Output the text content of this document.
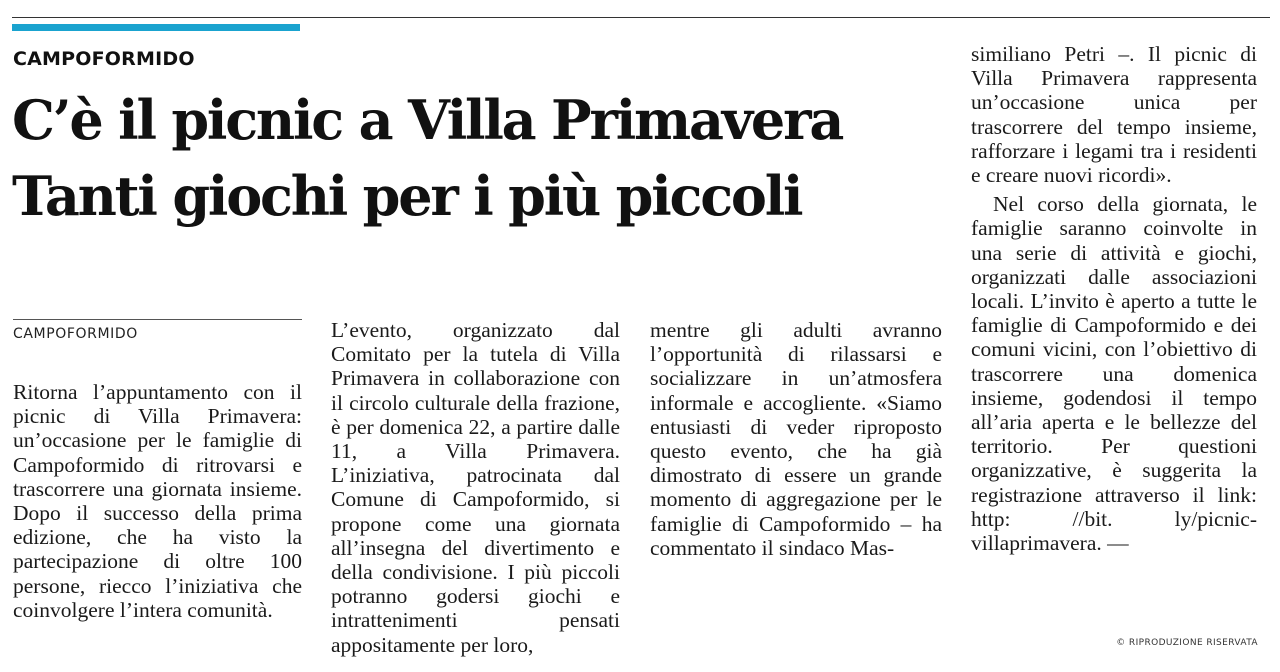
CAMPOFORMIDO
C’è il picnic a Villa Primavera
Tanti giochi per i più piccoli
CAMPOFORMIDO

Ritorna l’appuntamento con il picnic di Villa Primavera: un’occasione per le famiglie di Campoformido di ritrovarsi e trascorrere una giornata insieme. Dopo il successo della prima edizione, che ha visto la partecipazione di oltre 100 persone, riecco l’iniziativa che coinvolgere l’intera comunità.

L’evento, organizzato dal Comitato per la tutela di Villa Primavera in collaborazione con il circolo culturale della frazione, è per domenica 22, a partire dalle 11, a Villa Primavera. L’iniziativa, patrocinata dal Comune di Campoformido, si propone come una giornata all’insegna del divertimento e della condivisione. I più piccoli potranno godersi giochi e intrattenimenti pensati appositamente per loro,

mentre gli adulti avranno l’opportunità di rilassarsi e socializzare in un’atmosfera informale e accogliente. «Siamo entusiasti di veder riproposto questo evento, che ha già dimostrato di essere un grande momento di aggregazione per le famiglie di Campoformido – ha commentato il sindaco Mas-

similiano Petri –. Il picnic di Villa Primavera rappresenta un’occasione unica per trascorrere del tempo insieme, rafforzare i legami tra i residenti e creare nuovi ricordi».

Nel corso della giornata, le famiglie saranno coinvolte in una serie di attività e giochi, organizzati dalle associazioni locali. L’invito è aperto a tutte le famiglie di Campoformido e dei comuni vicini, con l’obiettivo di trascorrere una domenica insieme, godendosi il tempo all’aria aperta e le bellezze del territorio. Per questioni organizzative, è suggerita la registrazione attraverso il link: http: //bit. ly/picnic-villaprimavera. —

© RIPRODUZIONE RISERVATA
